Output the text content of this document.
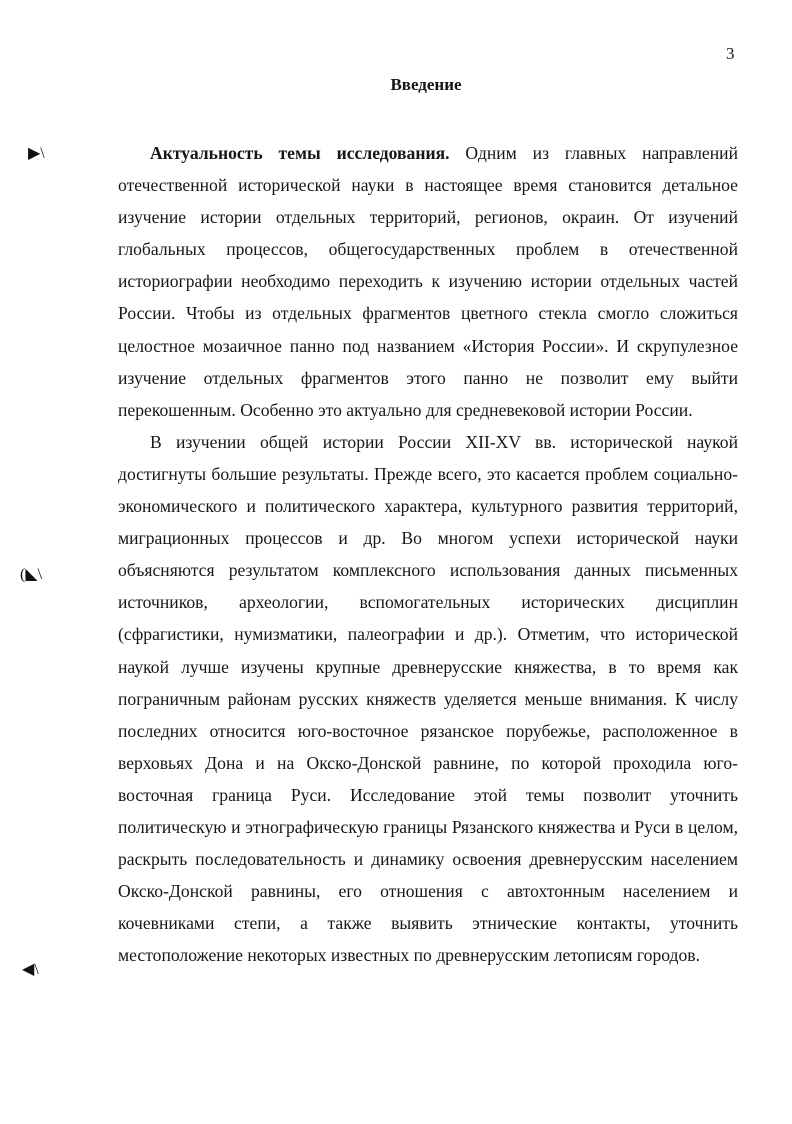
3
Введение

Актуальность темы исследования. Одним из главных направлений отечественной исторической науки в настоящее время становится детальное изучение истории отдельных территорий, регионов, окраин. От изучений глобальных процессов, общегосударственных проблем в отечественной историографии необходимо переходить к изучению истории отдельных частей России. Чтобы из отдельных фрагментов цветного стекла смогло сложиться целостное мозаичное панно под названием «История России». И скрупулезное изучение отдельных фрагментов этого панно не позволит ему выйти перекошенным. Особенно это актуально для средневековой истории России.

В изучении общей истории России XII-XV вв. исторической наукой достигнуты большие результаты. Прежде всего, это касается проблем социально-экономического и политического характера, культурного развития территорий, миграционных процессов и др. Во многом успехи исторической науки объясняются результатом комплексного использования данных письменных источников, археологии, вспомогательных исторических дисциплин (сфрагистики, нумизматики, палеографии и др.). Отметим, что исторической наукой лучше изучены крупные древнерусские княжества, в то время как пограничным районам русских княжеств уделяется меньше внимания. К числу последних относится юго-восточное рязанское порубежье, расположенное в верховьях Дона и на Окско-Донской равнине, по которой проходила юго-восточная граница Руси. Исследование этой темы позволит уточнить политическую и этнографическую границы Рязанского княжества и Руси в целом, раскрыть последовательность и динамику освоения древнерусским населением Окско-Донской равнины, его отношения с автохтонным населением и кочевниками степи, а также выявить этнические контакты, уточнить местоположение некоторых известных по древнерусским летописям городов.

▶\
(◣\
◀\
